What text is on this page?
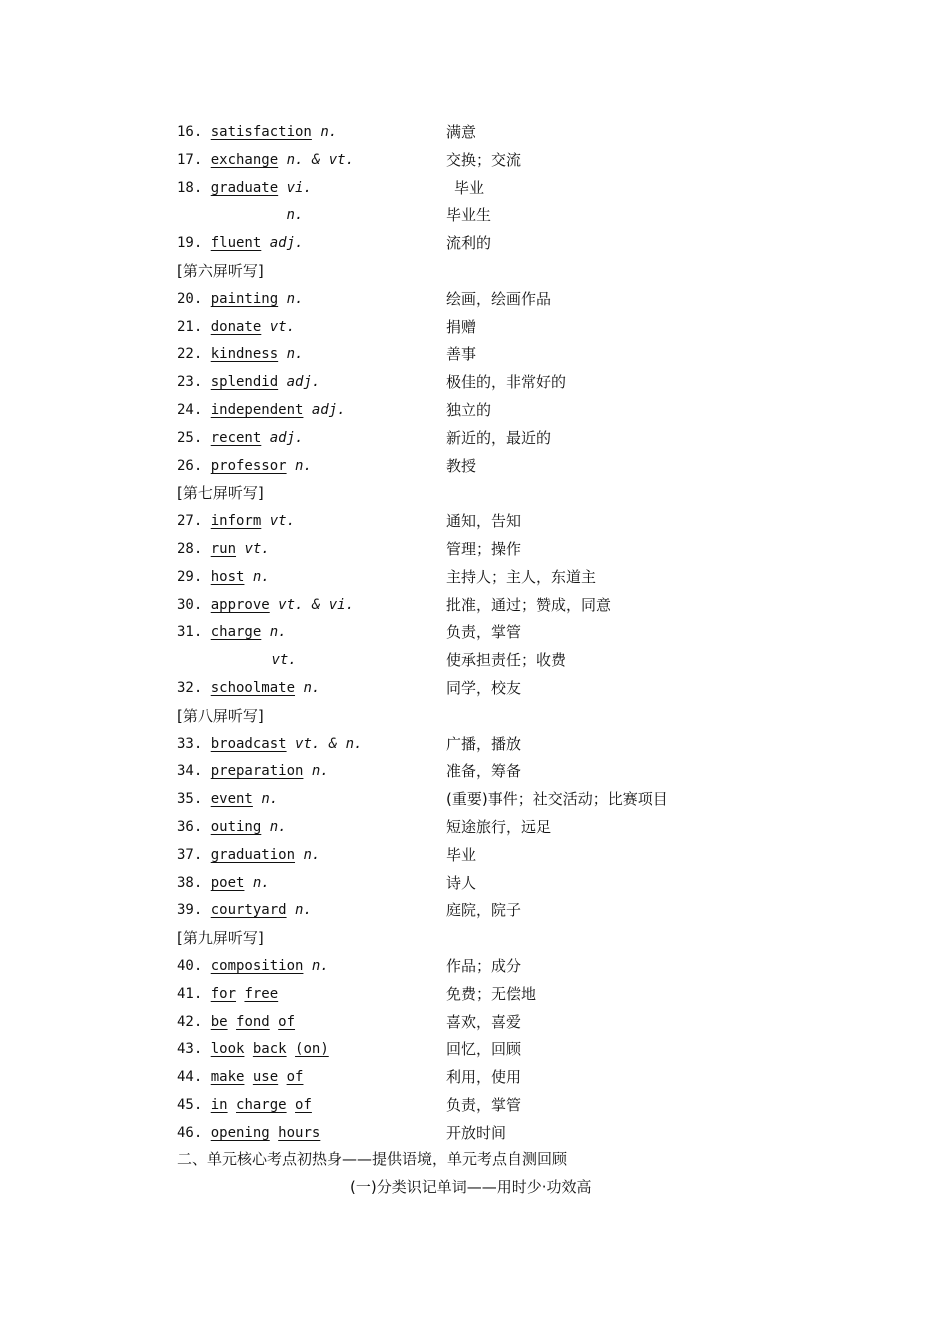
16. satisfaction n.	满意
17. exchange n. & vt.	交换；交流
18. graduate vi.	毕业
n.	毕业生
19. fluent adj.	流利的
[第六屏听写]
20. painting n.	绘画，绘画作品
21. donate vt.	捐赠
22. kindness n.	善事
23. splendid adj.	极佳的，非常好的
24. independent adj.	独立的
25. recent adj.	新近的，最近的
26. professor n.	教授
[第七屏听写]
27. inform vt.	通知，告知
28. run vt.	管理；操作
29. host n.	主持人；主人，东道主
30. approve vt. & vi.	批准，通过；赞成，同意
31. charge n.	负责，掌管
vt.	使承担责任；收费
32. schoolmate n.	同学，校友
[第八屏听写]
33. broadcast vt. & n.	广播，播放
34. preparation n.	准备，筹备
35. event n.	(重要)事件；社交活动；比赛项目
36. outing n.	短途旅行，远足
37. graduation n.	毕业
38. poet n.	诗人
39. courtyard n.	庭院，院子
[第九屏听写]
40. composition n.	作品；成分
41. for free	免费；无偿地
42. be fond of	喜欢，喜爱
43. look back (on)	回忆，回顾
44. make use of	利用，使用
45. in charge of	负责，掌管
46. opening hours	开放时间
二、单元核心考点初热身——提供语境，单元考点自测回顾
(一)分类识记单词——用时少·功效高
